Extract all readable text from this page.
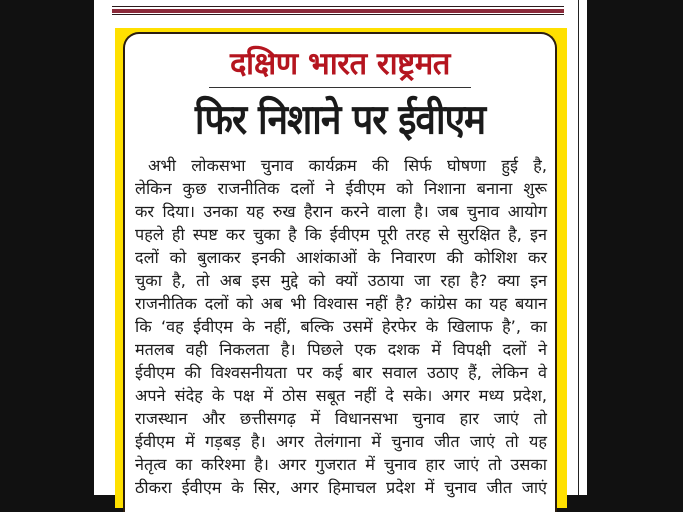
दक्षिण भारत राष्ट्रमत
फिर निशाने पर ईवीएम
अभी लोकसभा चुनाव कार्यक्रम की सिर्फ घोषणा हुई है,
लेकिन कुछ राजनीतिक दलों ने ईवीएम को निशाना बनाना शुरू
कर दिया। उनका यह रुख हैरान करने वाला है। जब चुनाव आयोग
पहले ही स्पष्ट कर चुका है कि ईवीएम पूरी तरह से सुरक्षित है, इन
दलों को बुलाकर इनकी आशंकाओं के निवारण की कोशिश कर
चुका है, तो अब इस मुद्दे को क्यों उठाया जा रहा है? क्या इन
राजनीतिक दलों को अब भी विश्वास नहीं है? कांग्रेस का यह बयान
कि ‘वह ईवीएम के नहीं, बल्कि उसमें हेरफेर के खिलाफ है’, का
मतलब वही निकलता है। पिछले एक दशक में विपक्षी दलों ने
ईवीएम की विश्वसनीयता पर कई बार सवाल उठाए हैं, लेकिन वे
अपने संदेह के पक्ष में ठोस सबूत नहीं दे सके। अगर मध्य प्रदेश,
राजस्थान और छत्तीसगढ़ में विधानसभा चुनाव हार जाएं तो
ईवीएम में गड़बड़ है। अगर तेलंगाना में चुनाव जीत जाएं तो यह
नेतृत्व का करिश्मा है। अगर गुजरात में चुनाव हार जाएं तो उसका
ठीकरा ईवीएम के सिर, अगर हिमाचल प्रदेश में चुनाव जीत जाएं
